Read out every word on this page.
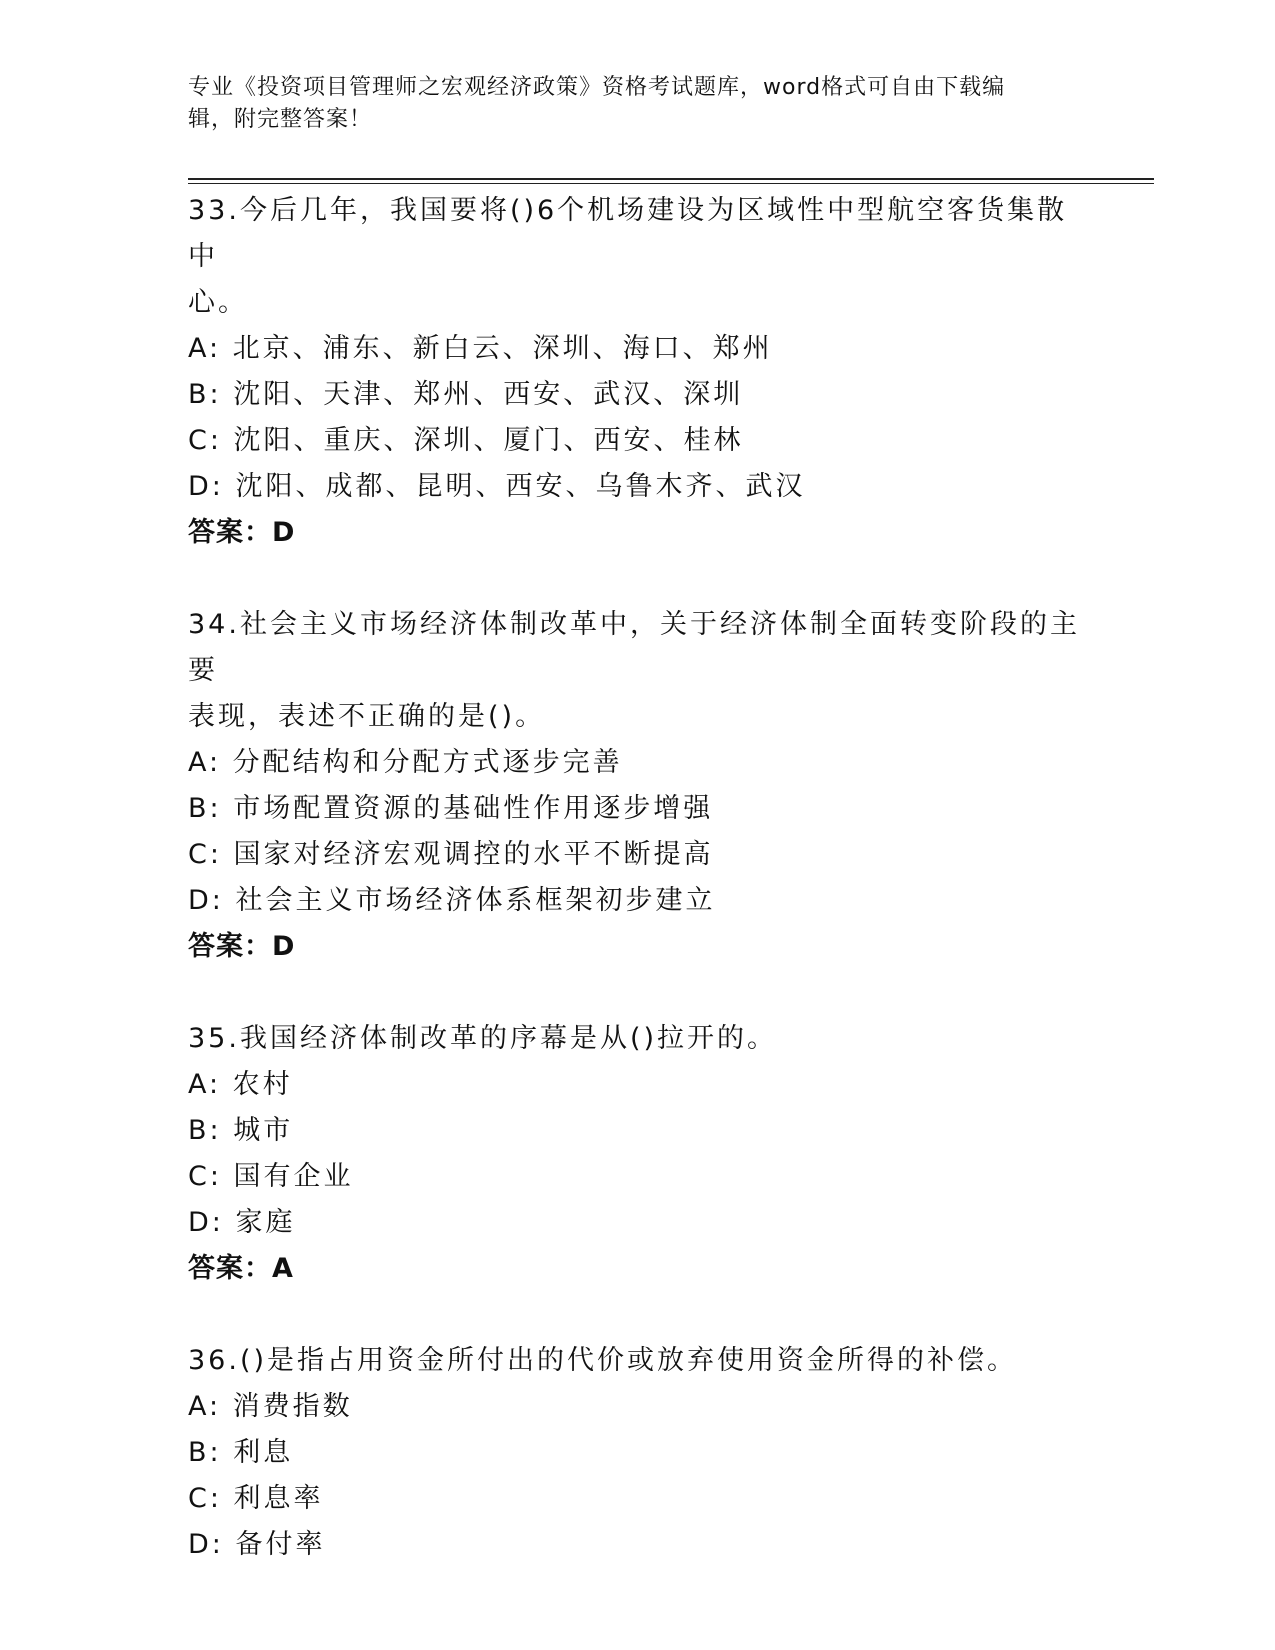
专业《投资项目管理师之宏观经济政策》资格考试题库，word格式可自由下载编
辑，附完整答案！

33.今后几年，我国要将()6个机场建设为区域性中型航空客货集散中

心。

A: 北京、浦东、新白云、深圳、海口、郑州

B: 沈阳、天津、郑州、西安、武汉、深圳

C: 沈阳、重庆、深圳、厦门、西安、桂林

D: 沈阳、成都、昆明、西安、乌鲁木齐、武汉

答案：D

34.社会主义市场经济体制改革中，关于经济体制全面转变阶段的主要

表现，表述不正确的是()。

A: 分配结构和分配方式逐步完善

B: 市场配置资源的基础性作用逐步增强

C: 国家对经济宏观调控的水平不断提高

D: 社会主义市场经济体系框架初步建立

答案：D

35.我国经济体制改革的序幕是从()拉开的。

A: 农村

B: 城市

C: 国有企业

D: 家庭

答案：A

36.()是指占用资金所付出的代价或放弃使用资金所得的补偿。

A: 消费指数

B: 利息

C: 利息率

D: 备付率
